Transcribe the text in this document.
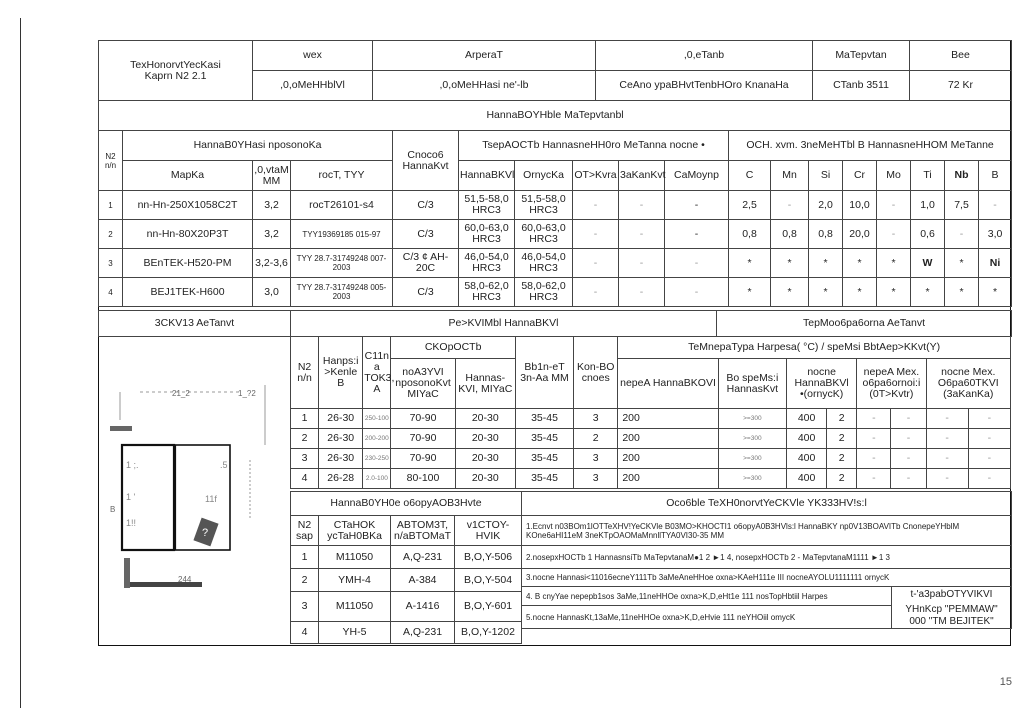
TexHonorvtYecKasi
Kaprn N2 2.1	wex	ArperaT	,0,eTanb	MaTepvtan	Bee
	,0,oMeHHblVl	,0,oMeHHasi ne'-lb	CeAno ypaBHvtTenbHOro KnanaHa	CTanb 3511	72 Kr
HannaBOYHble MaTepvtanbl																	
N2 n/n	HannaB0YHasi nposonoKa			Cnoco6 HannaKvt	TsepAOCTb HannasneHH0ro MeTanna nocne •					OCH. xvm. 3neMeHTbl B HannasneHHOM MeTanne							
	MapKa	,0,vtaM MM	rocT, TYY		HannaBKVl	OrnycKa	OT>Kvra	3aKanKvt	CaMoynp	C	Mn	Si	Cr	Mo	Ti	Nb	B
1	nn-Hn-250X1058C2T	3,2	rocT26101-s4	C/3	51,5-58,0 HRC3	51,5-58,0 HRC3	-	-	-	2,5	-	2,0	10,0	-	1,0	7,5	-
2	nn-Hn-80X20P3T	3,2	TYY19369185 015-97	C/3	60,0-63,0 HRC3	60,0-63,0 HRC3	-	-	-	0,8	0,8	0,8	20,0	-	0,6	-	3,0
3	BEnTEK-H520-PM	3,2-3,6	TYY 28.7-31749248 007-2003	C/3 ¢ AH-20C	46,0-54,0 HRC3	46,0-54,0 HRC3	-	-	-	*	*	*	*	*	W	*	Ni
4	BEJ1TEK-H600	3,0	TYY 28.7-31749248 005-2003	C/3	58,0-62,0 HRC3	58,0-62,0 HRC3	-	-	-	*	*	*	*	*	*	*	*
3CKV13 AeTanvt	Pe>KVIMbl HannaBKVl	TepMoo6pa6orna AeTanvt
?
21_2	1_?2
244
B
1 ;.
1 '
1!!
.5
11f
N2 n/n	Hanps:i >Kenle B	C11n a TOK3, A	CKOpOCTb		Bb1n-eT 3n-Aa MM	Kon-BO cnoes	TeMnepaTypa Harpesa( °C) / speMsi BbtAep>KKvt(Y)				
			noA3YVI nposonoKvt MIYaC	Hannas-KVI, MIYaC			nepeA HannaBKOVI	Bo speMs:i HannasKvt	nocne HannaBKVl •(ornycK)	nepeA Mex. o6pa6ornoi:i (0T>Kvtr)	nocne Mex. O6pa60TKVI (3aKanKa)
1	26-30	250-100	70-90	20-30	35-45	3	200	>=300	400	2	-	-	-	-
2	26-30	200-200	70-90	20-30	35-45	2	200	>=300	400	2	-	-	-	-
3	26-30	230-250	70-90	20-30	35-45	3	200	>=300	400	2	-	-	-	-
4	26-28	2.0-100	80-100	20-30	35-45	3	200	>=300	400	2	-	-	-	-
HannaB0YH0e o6opyAOB3Hvte			
N2 sap	CTaHOK ycTaH0BKa	ABTOM3T, n/aBTOMaT	v1CTOY-HVIK
1	M11050	A,Q-231	B,O,Y-506
2	YMH-4	A-384	B,O,Y-504
3	M11050	A-1416	B,O,Y-601
4	YH-5	A,Q-231	B,O,Y-1202
Oco6ble TeXH0norvtYeCKVle YK333HV!s:l
1.Ecnvt n03BOm1lOTTeXHV!YeCKVle B03MO>KHOCTI1 o6opyA0B3HVls:l HannaBKY np0V13BOAVITb CnonepeYHblM KOne6aHI11eM 3neKTpOAOMaMnnllTYA0VI30-35 MM
2.nosepxHOCTb 1 HannasnsiTb MaTepvtanaM●1 2 ►1 4, nosepxHOCTb 2 - MaTepvtanaM1111 ►1 3
3.nocne Hannasi<11016ecneY111Tb 3aMeAneHHoe oxna>KAeH111e III nocneAYOLU1111111 ornycK
4. B cnyYae nepepb1sos 3aMe,11neHHOe oxna>K,D,eHt1e 111 nosTopHbtiil Harpes	t-'a3pabOTYVIKVI
YHnKcp "PEMMAW"
000 "TM BEJITEK"

5.nocne HannasKt,13aMe,11neHHOe oxna>K,D,eHvie 111 neYHOiil omycK
15
